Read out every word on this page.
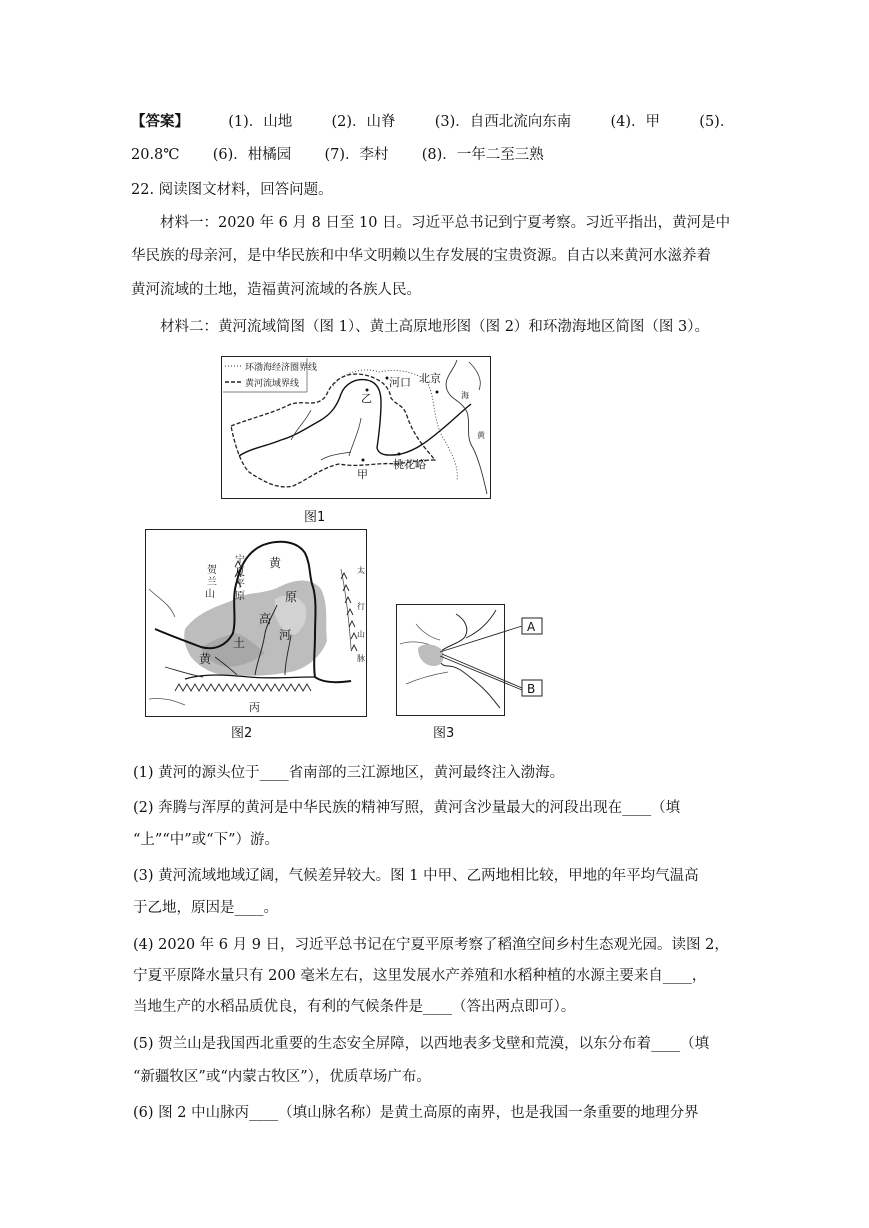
【答案】	(1)．山地	(2)．山脊	(3)．自西北流向东南	(4)．甲	(5)．
20.8℃ (6)．柑橘园 (7)．李村 (8)．一年二至三熟
22. 阅读图文材料，回答问题。
材料一：2020 年 6 月 8 日至 10 日。习近平总书记到宁夏考察。习近平指出，黄河是中
华民族的母亲河，是中华民族和中华文明赖以生存发展的宝贵资源。自古以来黄河水滋养着
黄河流域的土地，造福黄河流域的各族人民。
材料二：黄河流域简图（图 1）、黄土高原地形图（图 2）和环渤海地区简图（图 3）。
环渤海经济圈界线
黄河流域界线
乙
河口 北京
海
黄
桃花峪
甲
图1
贺
兰
山
宁
夏
平
原
黄
原
高
河
土
黄
丙
太
行
山
脉
图2
A
B
图3
(1) 黄河的源头位于____省南部的三江源地区，黄河最终注入渤海。
(2) 奔腾与浑厚的黄河是中华民族的精神写照，黄河含沙量最大的河段出现在____（填
“上”“中”或“下”）游。
(3) 黄河流域地域辽阔，气候差异较大。图 1 中甲、乙两地相比较，甲地的年平均气温高
于乙地，原因是____。
(4) 2020 年 6 月 9 日，习近平总书记在宁夏平原考察了稻渔空间乡村生态观光园。读图 2，
宁夏平原降水量只有 200 毫米左右，这里发展水产养殖和水稻种植的水源主要来自____，
当地生产的水稻品质优良，有利的气候条件是____（答出两点即可）。
(5) 贺兰山是我国西北重要的生态安全屏障，以西地表多戈壁和荒漠，以东分布着____（填
“新疆牧区”或“内蒙古牧区”），优质草场广布。
(6) 图 2 中山脉丙____（填山脉名称）是黄土高原的南界，也是我国一条重要的地理分界
